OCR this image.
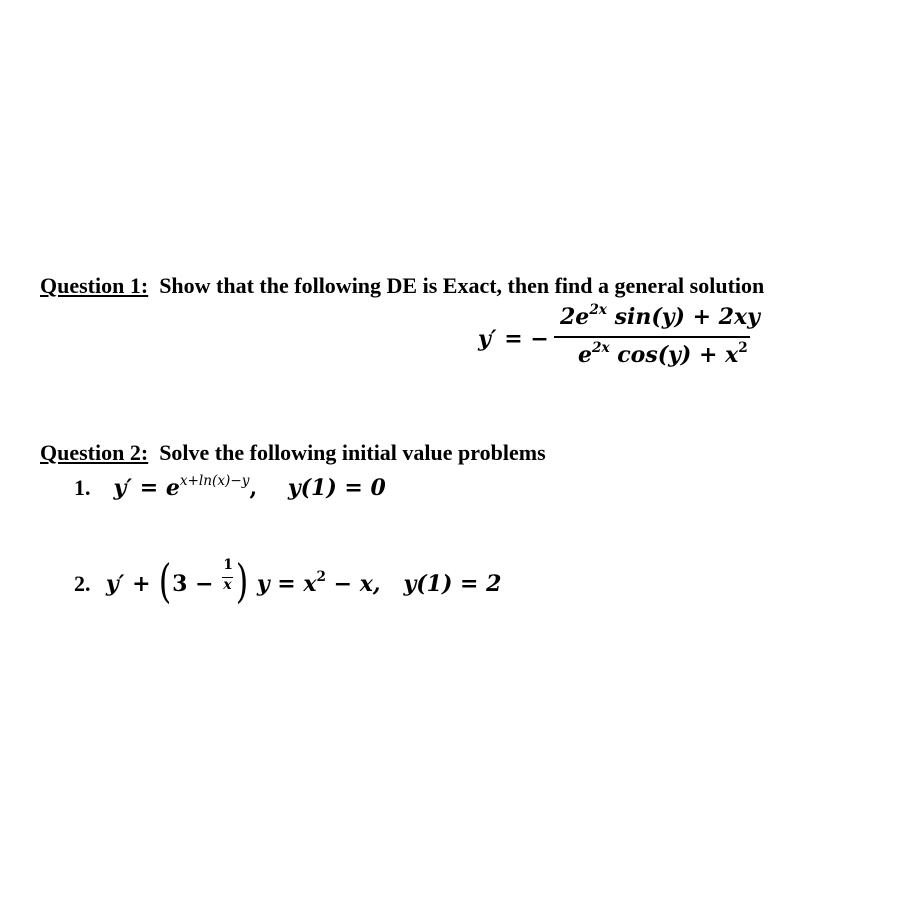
Question 1: Show that the following DE is Exact, then find a general solution
y′ = −
$2e^{2x}$ sin(y) + 2xy
$e^{2x}$ $\cos(y) + x^2$
Question 2: Solve the following initial value problems
1. $y' = e^{x+ln(x)-y}$, y(1) = 0
2. $y' + (3 - \frac{1}{x}$ ) $y = x^2 - x$, y(1) = 2
